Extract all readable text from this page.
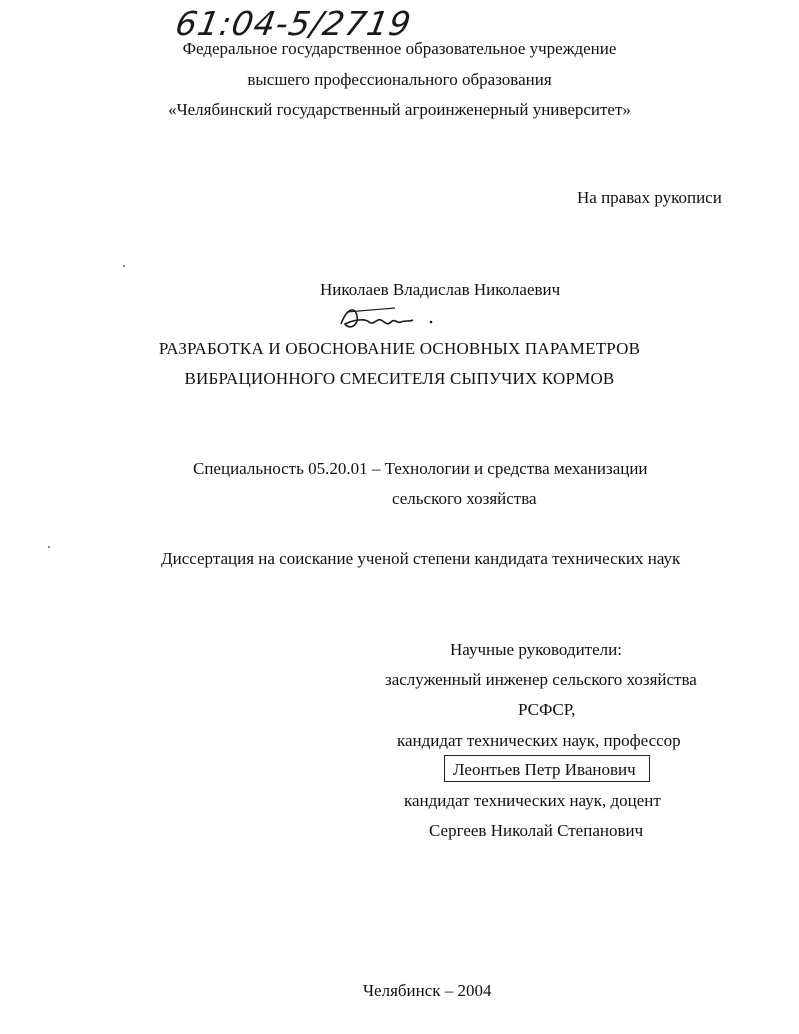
61:04-5/2719
Федеральное государственное образовательное учреждение
высшего профессионального образования
«Челябинский государственный агроинженерный университет»
На правах рукописи
Николаев Владислав Николаевич
РАЗРАБОТКА И ОБОСНОВАНИЕ ОСНОВНЫХ ПАРАМЕТРОВ
ВИБРАЦИОННОГО СМЕСИТЕЛЯ СЫПУЧИХ КОРМОВ
Специальность 05.20.01 – Технологии и средства механизации
сельского хозяйства
Диссертация на соискание ученой степени кандидата технических наук
Научные руководители:
заслуженный инженер сельского хозяйства
РСФСР,
кандидат технических наук, профессор
Леонтьев Петр Иванович
кандидат технических наук, доцент
Сергеев Николай Степанович
Челябинск – 2004
